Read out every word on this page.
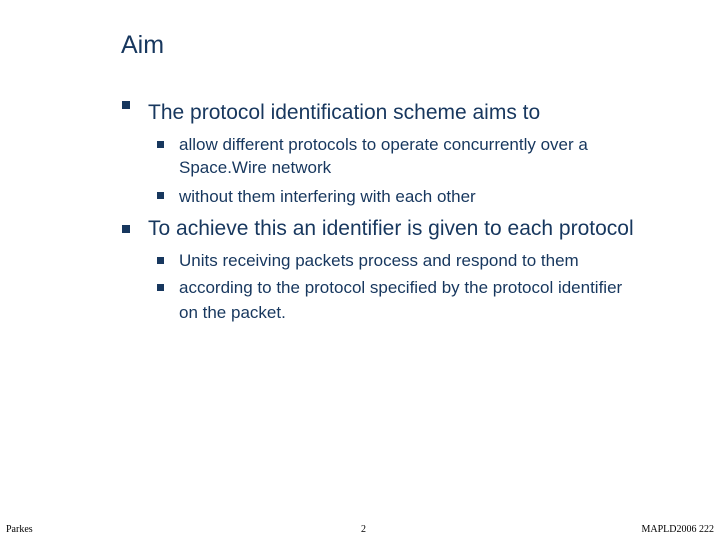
Aim
The protocol identification scheme aims to
allow different protocols to operate concurrently over a
Space.Wire network
without them interfering with each other
To achieve this an identifier is given to each protocol
Units receiving packets process and respond to them
according to the protocol specified by the protocol identifier
on the packet.
Parkes	2	MAPLD2006 222
